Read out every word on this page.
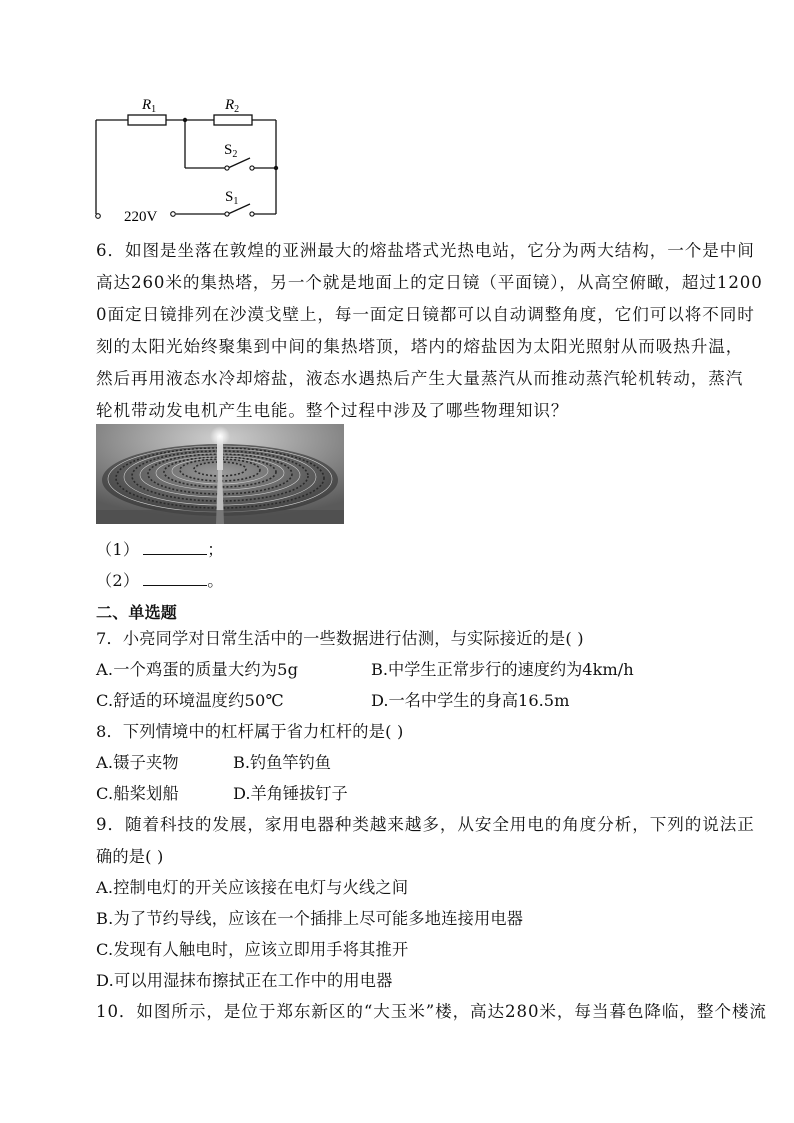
$R_1$	$R_2$
$S_2$
$S_1$
220V
6．如图是坐落在敦煌的亚洲最大的熔盐塔式光热电站，它分为两大结构，一个是中间
高达260米的集热塔，另一个就是地面上的定日镜（平面镜），从高空俯瞰，超过1200
0面定日镜排列在沙漠戈壁上，每一面定日镜都可以自动调整角度，它们可以将不同时
刻的太阳光始终聚集到中间的集热塔顶，塔内的熔盐因为太阳光照射从而吸热升温，
然后再用液态水冷却熔盐，液态水遇热后产生大量蒸汽从而推动蒸汽轮机转动，蒸汽
轮机带动发电机产生电能。整个过程中涉及了哪些物理知识？
（1）	；
（2）	。
二、单选题
7．小亮同学对日常生活中的一些数据进行估测，与实际接近的是( )
A.一个鸡蛋的质量大约为5g	B.中学生正常步行的速度约为4km/h
C.舒适的环境温度约50℃	D.一名中学生的身高16.5m
8．下列情境中的杠杆属于省力杠杆的是( )
A.镊子夹物	B.钓鱼竿钓鱼
C.船桨划船	D.羊角锤拔钉子
9．随着科技的发展，家用电器种类越来越多，从安全用电的角度分析，下列的说法正
确的是( )
A.控制电灯的开关应该接在电灯与火线之间
B.为了节约导线，应该在一个插排上尽可能多地连接用电器
C.发现有人触电时，应该立即用手将其推开
D.可以用湿抹布擦拭正在工作中的用电器
10．如图所示，是位于郑东新区的“大玉米”楼，高达280米，每当暮色降临，整个楼流
